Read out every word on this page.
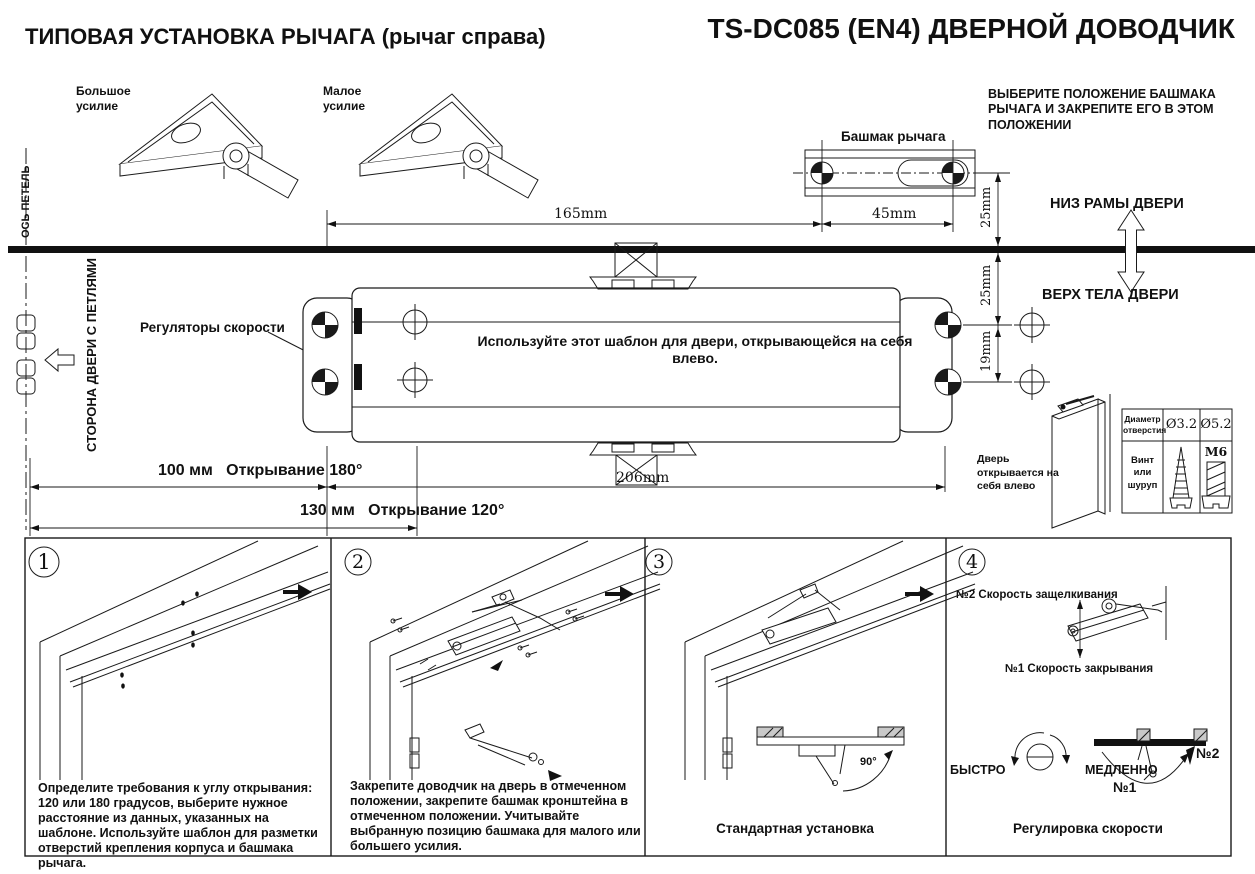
ТИПОВАЯ УСТАНОВКА РЫЧАГА (рычаг справа)	TS-DC085 (EN4) ДВЕРНОЙ ДОВОДЧИК
Большое усилие
Малое усилие
ОСЬ ПЕТЕЛЬ
СТОРОНА ДВЕРИ С ПЕТЛЯМИ	Регуляторы скорости
Используйте этот шаблон для двери, открывающейся на себя влево.
Башмак рычага
ВЫБЕРИТЕ ПОЛОЖЕНИЕ БАШМАКА РЫЧАГА И ЗАКРЕПИТЕ ЕГО В ЭТОМ ПОЛОЖЕНИИ
НИЗ РАМЫ ДВЕРИ
ВЕРХ ТЕЛА ДВЕРИ
165mm	45mm	25mm
25mm
19mm
206mm
100 мм   Открывание 180°
130 мм   Открывание 120°
Дверь открывается на себя влево
Диаметр отверстия Ø3.2 Ø5.2
Винт или шуруп
M6
1	2	3	4
Определите требования к углу открывания: 120 или 180 градусов, выберите нужное расстояние из данных, указанных на шаблоне. Используйте шаблон для разметки отверстий крепления корпуса и башмака рычага.
Закрепите доводчик на дверь в отмеченном положении, закрепите башмак кронштейна в отмеченном положении. Учитывайте выбранную позицию башмака для малого или большего усилия.
Стандартная установка
90°
№2 Скорость защелкивания
№1 Скорость закрывания
БЫСТРО	МЕДЛЕННО
№2
№1
Регулировка скорости
